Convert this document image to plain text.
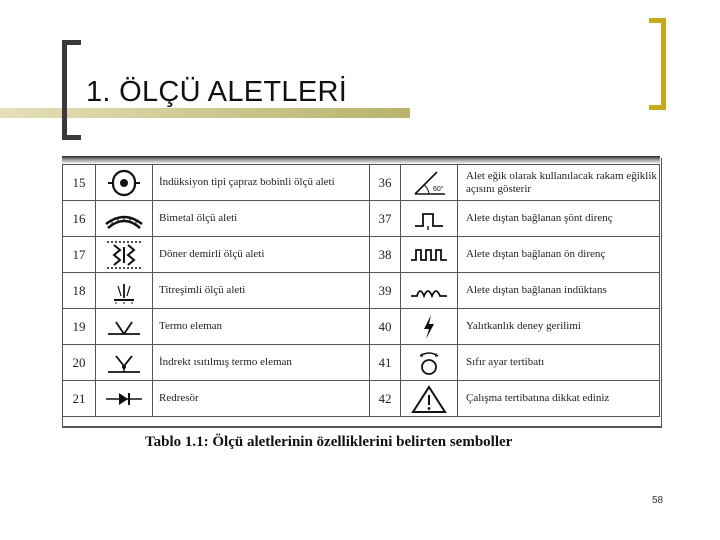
1. ÖLÇÜ ALETLERİ
15		İndüksiyon tipi çapraz bobinli ölçü aleti	36	60°	Alet eğik olarak kullanılacak rakam eğiklik açısını gösterir
16		Bimetal ölçü aleti	37		Alete dıştan bağlanan şönt direnç
17		Döner demirli ölçü aleti	38		Alete dıştan bağlanan ön direnç
18		Titreşimli ölçü aleti	39		Alete dıştan bağlanan indüktans
19		Termo eleman	40		Yalıtkanlık deney gerilimi
20		İndrekt ısıtılmış termo eleman	41		Sıfır ayar tertibatı
21		Redresör	42		Çalışma tertibatına dikkat ediniz

Tablo 1.1: Ölçü aletlerinin özelliklerini belirten semboller

58
